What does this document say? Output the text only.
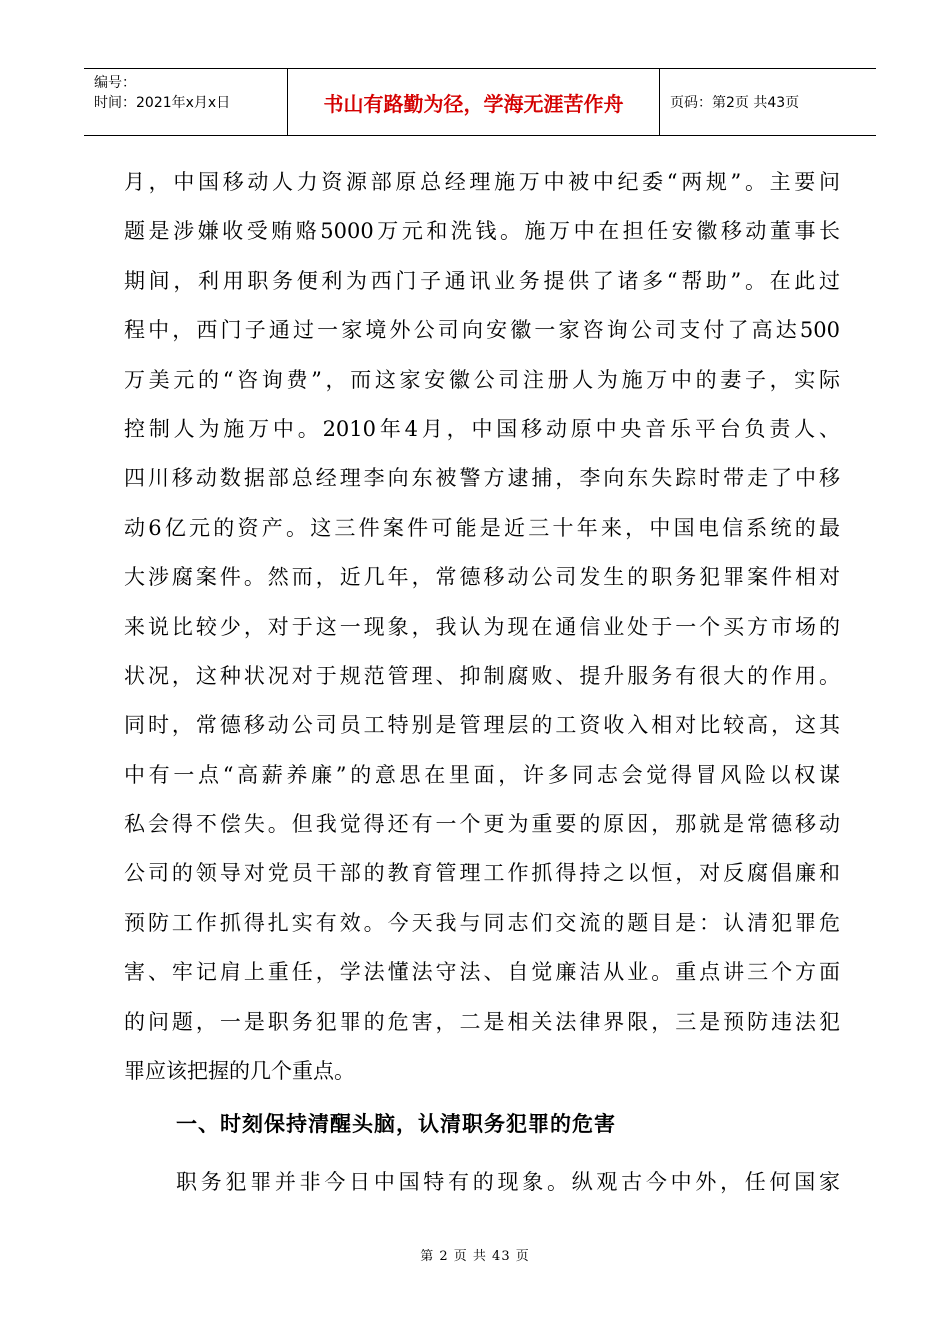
编号：
时间：2021年x月x日	书山有路勤为径，学海无涯苦作舟	页码：第2页 共43页
月，中国移动人力资源部原总经理施万中被中纪委“两规”。主要问
题是涉嫌收受贿赂5000万元和洗钱。施万中在担任安徽移动董事长
期间，利用职务便利为西门子通讯业务提供了诸多“帮助”。在此过
程中，西门子通过一家境外公司向安徽一家咨询公司支付了高达500
万美元的“咨询费”，而这家安徽公司注册人为施万中的妻子，实际
控制人为施万中。2010年4月，中国移动原中央音乐平台负责人、
四川移动数据部总经理李向东被警方逮捕，李向东失踪时带走了中移
动6亿元的资产。这三件案件可能是近三十年来，中国电信系统的最
大涉腐案件。然而，近几年，常德移动公司发生的职务犯罪案件相对
来说比较少，对于这一现象，我认为现在通信业处于一个买方市场的
状况，这种状况对于规范管理、抑制腐败、提升服务有很大的作用。
同时，常德移动公司员工特别是管理层的工资收入相对比较高，这其
中有一点“高薪养廉”的意思在里面，许多同志会觉得冒风险以权谋
私会得不偿失。但我觉得还有一个更为重要的原因，那就是常德移动
公司的领导对党员干部的教育管理工作抓得持之以恒，对反腐倡廉和
预防工作抓得扎实有效。今天我与同志们交流的题目是：认清犯罪危
害、牢记肩上重任，学法懂法守法、自觉廉洁从业。重点讲三个方面
的问题，一是职务犯罪的危害，二是相关法律界限，三是预防违法犯
罪应该把握的几个重点。
一、时刻保持清醒头脑，认清职务犯罪的危害
职务犯罪并非今日中国特有的现象。纵观古今中外，任何国家
第 2 页 共 43 页
